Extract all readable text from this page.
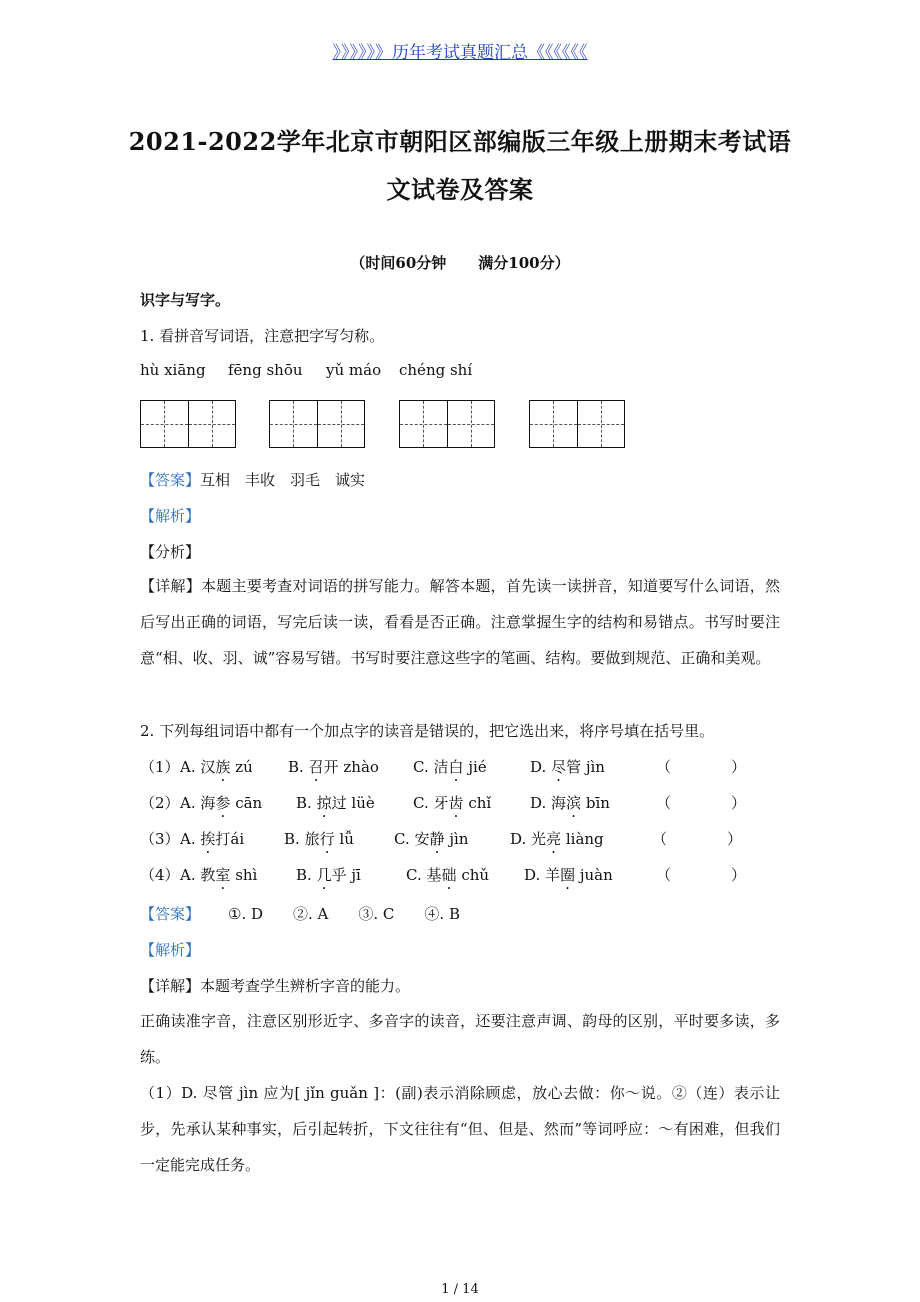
》》》》》》历年考试真题汇总《《《《《《
2021-2022学年北京市朝阳区部编版三年级上册期末考试语
文试卷及答案
（时间60分钟 满分100分）
识字与写字。
1. 看拼音写词语，注意把字写匀称。
hù xiāng fēng shōu yǔ máo chéng shí
【答案】互相　丰收　羽毛　诚实
【解析】
【分析】
【详解】本题主要考查对词语的拼写能力。解答本题，首先读一读拼音，知道要写什么词语，然后写出正确的词语，写完后读一读，看看是否正确。注意掌握生字的结构和易错点。书写时要注意“相、收、羽、诚”容易写错。书写时要注意这些字的笔画、结构。要做到规范、正确和美观。
2. 下列每组词语中都有一个加点字的读音是错误的，把它选出来，将序号填在括号里。
（1） A. 汉族 zú B. 召开 zhào C. 洁白 jié	D. 尽管 jìn	（　　　　）
（2） A. 海参 cān B. 掠过 lüè	C. 牙齿 chǐ	D. 海滨 bīn	（　　　　）
（3） A. 挨打ái	B. 旅行 lǚ	C. 安静 jìn	D. 光亮 liàng	（　　　　）
（4） A. 教室 shì	B. 几乎 jī	C. 基础 chǔ D. 羊圈 juàn	（　　　　）
【答案】 ①. D　　②. A　　③. C　　④. B
【解析】
【详解】本题考查学生辨析字音的能力。
正确读准字音，注意区别形近字、多音字的读音，还要注意声调、韵母的区别，平时要多读，多练。
（1）D. 尽管 jìn 应为[ jǐn guǎn ]：(副)表示消除顾虑，放心去做：你～说。②（连）表示让步，先承认某种事实，后引起转折，下文往往有“但、但是、然而”等词呼应：～有困难，但我们一定能完成任务。
1 / 14
